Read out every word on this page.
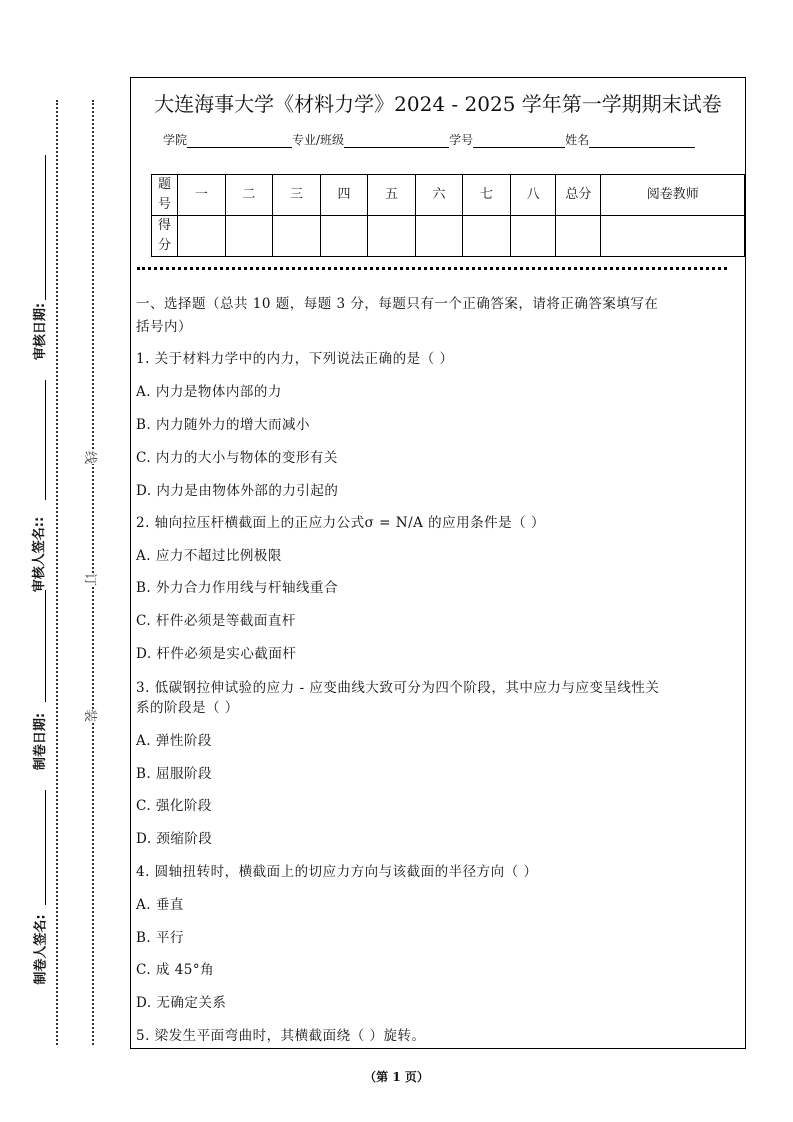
审核日期:
审核人签名::
制卷日期:
制卷人签名:
线
订
装
大连海事大学《材料力学》2024 - 2025 学年第一学期期末试卷
学院	专业/班级	学号	姓名
题号	一	二	三	四	五	六	七	八	总分	阅卷教师
得分										
一、选择题（总共 10 题，每题 3 分，每题只有一个正确答案，请将正确答案填写在
括号内）
1. 关于材料力学中的内力，下列说法正确的是（ ）
A. 内力是物体内部的力
B. 内力随外力的增大而减小
C. 内力的大小与物体的变形有关
D. 内力是由物体外部的力引起的
2. 轴向拉压杆横截面上的正应力公式σ = N/A 的应用条件是（ ）
A. 应力不超过比例极限
B. 外力合力作用线与杆轴线重合
C. 杆件必须是等截面直杆
D. 杆件必须是实心截面杆
3. 低碳钢拉伸试验的应力 - 应变曲线大致可分为四个阶段，其中应力与应变呈线性关
系的阶段是（ ）
A. 弹性阶段
B. 屈服阶段
C. 强化阶段
D. 颈缩阶段
4. 圆轴扭转时，横截面上的切应力方向与该截面的半径方向（ ）
A. 垂直
B. 平行
C. 成 45°角
D. 无确定关系
5. 梁发生平面弯曲时，其横截面绕（ ）旋转。
（第 1 页）
